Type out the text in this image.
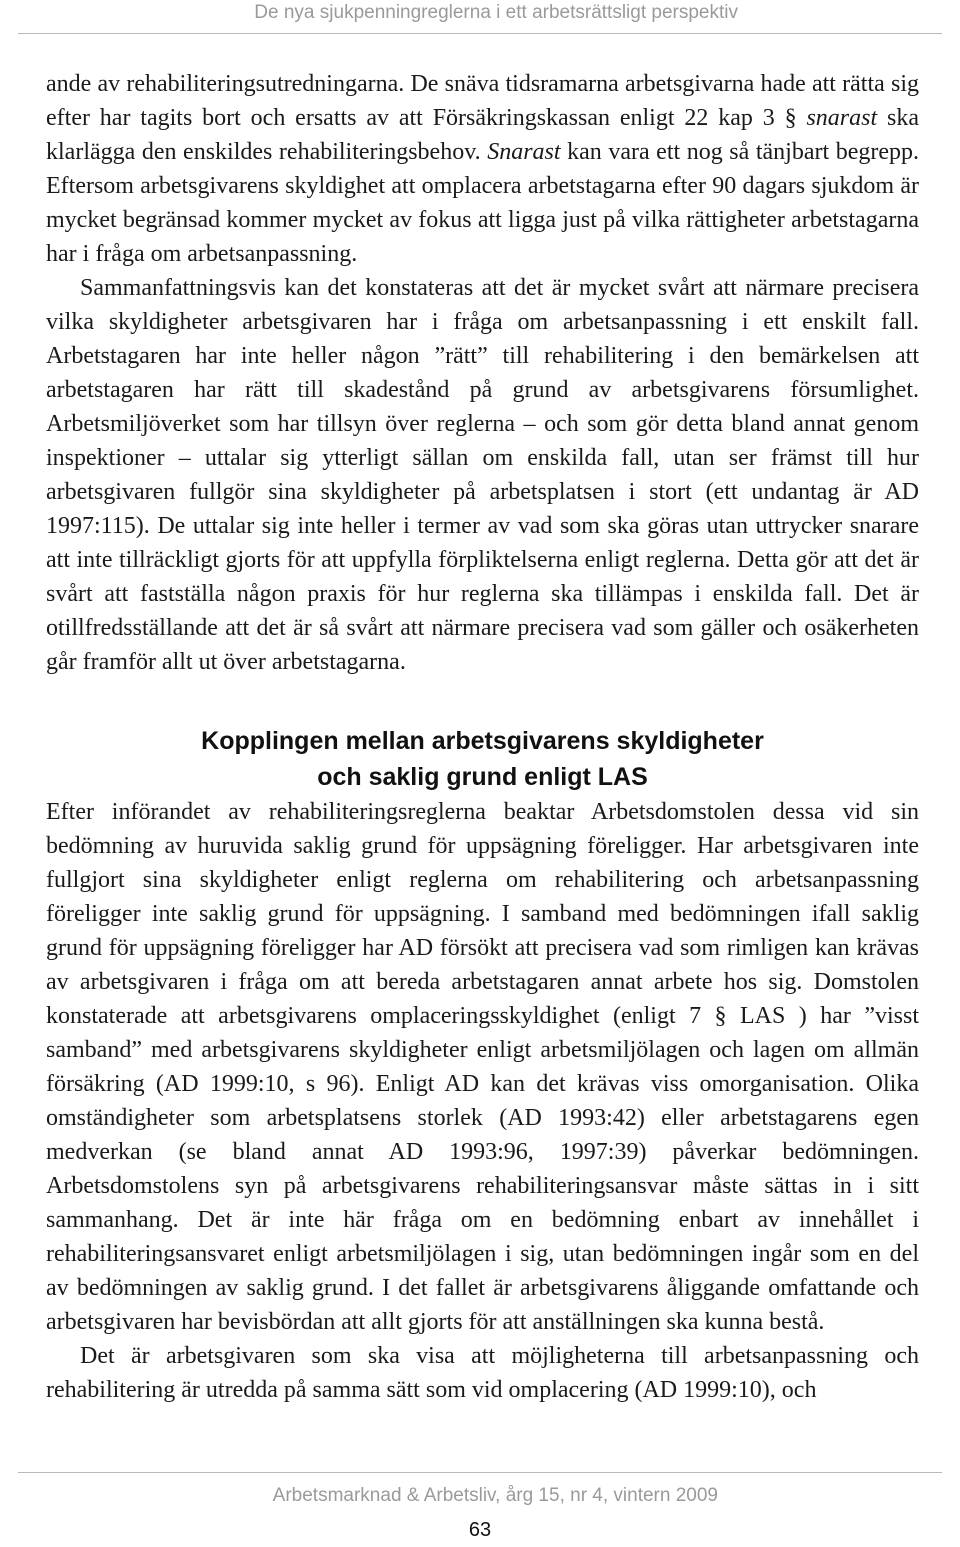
De nya sjukpenningreglerna i ett arbetsrättsligt perspektiv

ande av rehabiliteringsutredningarna. De snäva tidsramarna arbetsgivarna hade att rätta sig efter har tagits bort och ersatts av att Försäkringskassan enligt 22 kap 3 § snarast ska klarlägga den enskildes rehabiliteringsbehov. Snarast kan vara ett nog så tänjbart begrepp. Eftersom arbetsgivarens skyldighet att omplacera arbetstagarna efter 90 dagars sjukdom är mycket begränsad kommer mycket av fokus att ligga just på vilka rättigheter arbetstagarna har i fråga om arbetsanpassning.

Sammanfattningsvis kan det konstateras att det är mycket svårt att närmare precisera vilka skyldigheter arbetsgivaren har i fråga om arbetsanpassning i ett enskilt fall. Arbetstagaren har inte heller någon ”rätt” till rehabilitering i den bemärkelsen att arbetstagaren har rätt till skadestånd på grund av arbetsgivarens försumlighet. Arbetsmiljöverket som har tillsyn över reglerna – och som gör detta bland annat genom inspektioner – uttalar sig ytterligt sällan om enskilda fall, utan ser främst till hur arbetsgivaren fullgör sina skyldigheter på arbetsplatsen i stort (ett undantag är AD 1997:115). De uttalar sig inte heller i termer av vad som ska göras utan uttrycker snarare att inte tillräckligt gjorts för att uppfylla förpliktelserna enligt reglerna. Detta gör att det är svårt att fastställa någon praxis för hur reglerna ska tillämpas i enskilda fall. Det är otillfredsställande att det är så svårt att närmare precisera vad som gäller och osäkerheten går framför allt ut över arbetstagarna.

Kopplingen mellan arbetsgivarens skyldigheter
och saklig grund enligt LAS

Efter införandet av rehabiliteringsreglerna beaktar Arbetsdomstolen dessa vid sin bedömning av huruvida saklig grund för uppsägning föreligger. Har arbetsgivaren inte fullgjort sina skyldigheter enligt reglerna om rehabilitering och arbetsanpassning föreligger inte saklig grund för uppsägning. I samband med bedömningen ifall saklig grund för uppsägning föreligger har AD försökt att precisera vad som rimligen kan krävas av arbetsgivaren i fråga om att bereda arbetstagaren annat arbete hos sig. Domstolen konstaterade att arbetsgivarens omplaceringsskyldighet (enligt 7 § LAS ) har ”visst samband” med arbetsgivarens skyldigheter enligt arbetsmiljölagen och lagen om allmän försäkring (AD 1999:10, s 96). Enligt AD kan det krävas viss omorganisation. Olika omständigheter som arbetsplatsens storlek (AD 1993:42) eller arbetstagarens egen medverkan (se bland annat AD 1993:96, 1997:39) påverkar bedömningen. Arbetsdomstolens syn på arbetsgivarens rehabiliteringsansvar måste sättas in i sitt sammanhang. Det är inte här fråga om en bedömning enbart av innehållet i rehabiliteringsansvaret enligt arbetsmiljölagen i sig, utan bedömningen ingår som en del av bedömningen av saklig grund. I det fallet är arbetsgivarens åliggande omfattande och arbetsgivaren har bevisbördan att allt gjorts för att anställningen ska kunna bestå.

Det är arbetsgivaren som ska visa att möjligheterna till arbetsanpassning och rehabilitering är utredda på samma sätt som vid omplacering (AD 1999:10), och

Arbetsmarknad & Arbetsliv, årg 15, nr 4, vintern 2009
63
